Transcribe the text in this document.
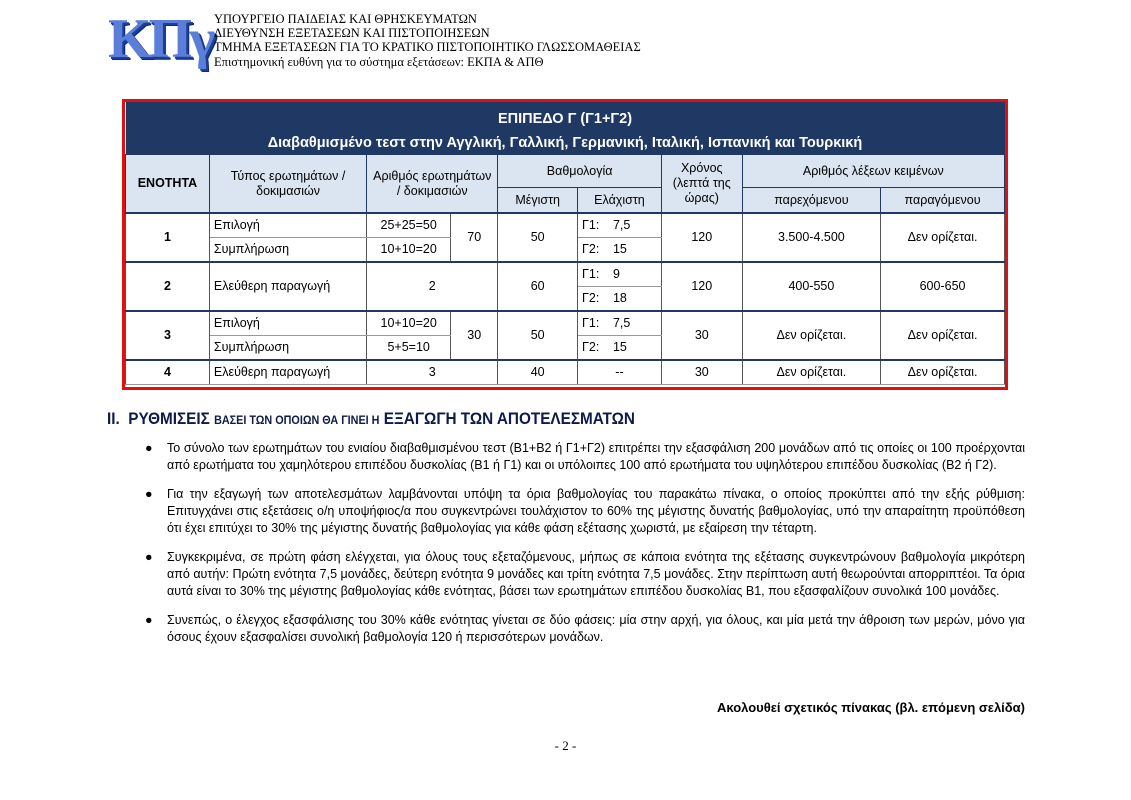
ΚΠγ ΥΠΟΥΡΓΕΙΟ ΠΑΙΔΕΙΑΣ ΚΑΙ ΘΡΗΣΚΕΥΜΑΤΩΝ
ΔΙΕΥΘΥΝΣΗ ΕΞΕΤΑΣΕΩΝ ΚΑΙ ΠΙΣΤΟΠΟΙΗΣΕΩΝ
ΤΜΗΜΑ ΕΞΕΤΑΣΕΩΝ ΓΙΑ ΤΟ ΚΡΑΤΙΚΟ ΠΙΣΤΟΠΟΙΗΤΙΚΟ ΓΛΩΣΣΟΜΑΘΕΙΑΣ
Επιστημονική ευθύνη για το σύστημα εξετάσεων: ΕΚΠΑ & ΑΠΘ
ΕΠΙΠΕΔΟ Γ (Γ1+Γ2)									
Διαβαθμισμένο τεστ στην Αγγλική, Γαλλική, Γερμανική, Ιταλική, Ισπανική και Τουρκική									
ΕΝΟΤΗΤΑ	Τύπος ερωτημάτων / δοκιμασιών	Αριθμός ερωτημάτων / δοκιμασιών		Βαθμολογία			Χρόνος (λεπτά της ώρας)	Αριθμός λέξεων κειμένων	
				Μέγιστη	Ελάχιστη			παρεχόμενου	παραγόμενου
1	Επιλογή	25+25=50	70	50	Γ1:	7,5	120	3.500-4.500	Δεν ορίζεται.
	Συμπλήρωση	10+10=20			Γ2:	15			
2	Ελεύθερη παραγωγή	2		60	Γ1:	9	120	400-550	600-650
					Γ2:	18			
3	Επιλογή	10+10=20	30	50	Γ1:	7,5	30	Δεν ορίζεται.	Δεν ορίζεται.
	Συμπλήρωση	5+5=10			Γ2:	15			
4	Ελεύθερη παραγωγή	3		40	--		30	Δεν ορίζεται.	Δεν ορίζεται.
II. ΡΥΘΜΙΣΕΙΣ ΒΑΣΕΙ ΤΩΝ ΟΠΟΙΩΝ ΘΑ ΓΙΝΕΙ Η ΕΞΑΓΩΓΗ ΤΩΝ ΑΠΟΤΕΛΕΣΜΑΤΩΝ
● Το σύνολο των ερωτημάτων του ενιαίου διαβαθμισμένου τεστ (Β1+Β2 ή Γ1+Γ2) επιτρέπει την εξασφάλιση 200 μονάδων από τις οποίες οι 100 προέρχονται από ερωτήματα του χαμηλότερου επιπέδου δυσκολίας (Β1 ή Γ1) και οι υπόλοιπες 100 από ερωτήματα του υψηλότερου επιπέδου δυσκολίας (Β2 ή Γ2).
● Για την εξαγωγή των αποτελεσμάτων λαμβάνονται υπόψη τα όρια βαθμολογίας του παρακάτω πίνακα, ο οποίος προκύπτει από την εξής ρύθμιση: Επιτυγχάνει στις εξετάσεις ο/η υποψήφιος/α που συγκεντρώνει τουλάχιστον το 60% της μέγιστης δυνατής βαθμολογίας, υπό την απαραίτητη προϋπόθεση ότι έχει επιτύχει το 30% της μέγιστης δυνατής βαθμολογίας για κάθε φάση εξέτασης χωριστά, με εξαίρεση την τέταρτη.
● Συγκεκριμένα, σε πρώτη φάση ελέγχεται, για όλους τους εξεταζόμενους, μήπως σε κάποια ενότητα της εξέτασης συγκεντρώνουν βαθμολογία μικρότερη από αυτήν: Πρώτη ενότητα 7,5 μονάδες, δεύτερη ενότητα 9 μονάδες και τρίτη ενότητα 7,5 μονάδες. Στην περίπτωση αυτή θεωρούνται απορριπτέοι. Τα όρια αυτά είναι το 30% της μέγιστης βαθμολογίας κάθε ενότητας, βάσει των ερωτημάτων επιπέδου δυσκολίας Β1, που εξασφαλίζουν συνολικά 100 μονάδες.
● Συνεπώς, ο έλεγχος εξασφάλισης του 30% κάθε ενότητας γίνεται σε δύο φάσεις: μία στην αρχή, για όλους, και μία μετά την άθροιση των μερών, μόνο για όσους έχουν εξασφαλίσει συνολική βαθμολογία 120 ή περισσότερων μονάδων.
Ακολουθεί σχετικός πίνακας (βλ. επόμενη σελίδα)
- 2 -
